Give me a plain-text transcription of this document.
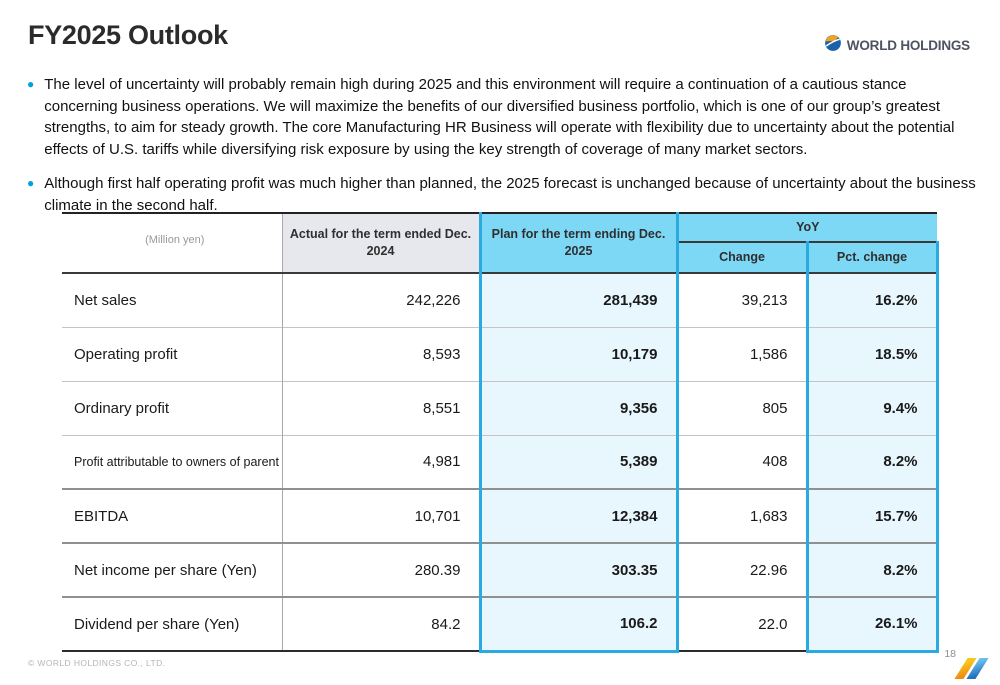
FY2025 Outlook	WORLD HOLDINGS
● The level of uncertainty will probably remain high during 2025 and this environment will require a continuation of a cautious stance concerning business operations. We will maximize the benefits of our diversified business portfolio, which is one of our group’s greatest strengths, to aim for steady growth. The core Manufacturing HR Business will operate with flexibility due to uncertainty about the potential effects of U.S. tariffs while diversifying risk exposure by using the key strength of coverage of many market sectors.
● Although first half operating profit was much higher than planned, the 2025 forecast is unchanged because of uncertainty about the business climate in the second half.
(Million yen)	Actual for the term ended Dec. 2024	Plan for the term ending Dec. 2025	YoY	
			Change	Pct. change
Net sales	242,226	281,439	39,213	16.2%
Operating profit	8,593	10,179	1,586	18.5%
Ordinary profit	8,551	9,356	805	9.4%
Profit attributable to owners of parent	4,981	5,389	408	8.2%
EBITDA	10,701	12,384	1,683	15.7%
Net income per share (Yen)	280.39	303.35	22.96	8.2%
Dividend per share (Yen)	84.2	106.2	22.0	26.1%
© WORLD HOLDINGS CO., LTD.
18
